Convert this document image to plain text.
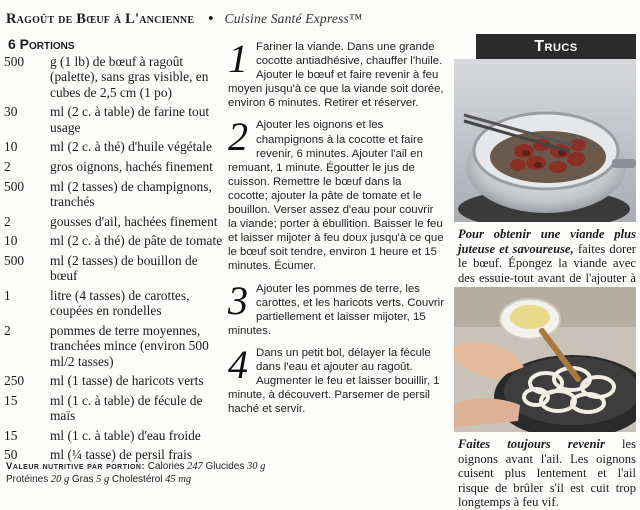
Ragoût de Bœuf à L'ancienne • Cuisine Santé Express™
6 Portions
500	g (1 lb) de bœuf à ragoût (palette), sans gras visible, en cubes de 2,5 cm (1 po)
30	ml (2 c. à table) de farine tout usage
10	ml (2 c. à thé) d'huile végétale
2	gros oignons, hachés finement
500	ml (2 tasses) de champignons, tranchés
2	gousses d'ail, hachées finement
10	ml (2 c. à thé) de pâte de tomate
500	ml (2 tasses) de bouillon de bœuf
1	litre (4 tasses) de carottes, coupées en rondelles
2	pommes de terre moyennes, tranchées mince (environ 500 ml/2 tasses)
250	ml (1 tasse) de haricots verts
15	ml (1 c. à table) de fécule de maïs
15	ml (1 c. à table) d'eau froide
50	ml (¼ tasse) de persil frais
1 Fariner la viande. Dans une grande cocotte antiadhésive, chauffer l'huile. Ajouter le bœuf et faire revenir à feu moyen jusqu'à ce que la viande soit dorée, environ 6 minutes. Retirer et réserver.
2 Ajouter les oignons et les champignons à la cocotte et faire revenir, 6 minutes. Ajouter l'ail en remuant, 1 minute. Égoutter le jus de cuisson. Remettre le bœuf dans la cocotte; ajouter la pâte de tomate et le bouillon. Verser assez d'eau pour couvrir la viande; porter à ébullition. Baisser le feu et laisser mijoter à feu doux jusqu'à ce que le bœuf soit tendre, environ 1 heure et 15 minutes. Écumer.
3 Ajouter les pommes de terre, les carottes, et les haricots verts. Couvrir partiellement et laisser mijoter, 15 minutes.
4 Dans un petit bol, délayer la fécule dans l'eau et ajouter au ragoût. Augmenter le feu et laisser bouillir, 1 minute, à découvert. Parsemer de persil haché et servir.
Trucs
Pour obtenir une viande plus juteuse et savoureuse, faites dorer le bœuf. Épongez la viande avec des essuie-tout avant de l'ajouter à
Faites toujours revenir les oignons avant l'ail. Les oignons cuisent plus lentement et l'ail risque de brûler s'il est cuit trop longtemps à feu vif.
Valeur nutritive par portion: Calories 247 Glucides 30 g
Protéines 20 g Gras 5 g Cholestérol 45 mg
